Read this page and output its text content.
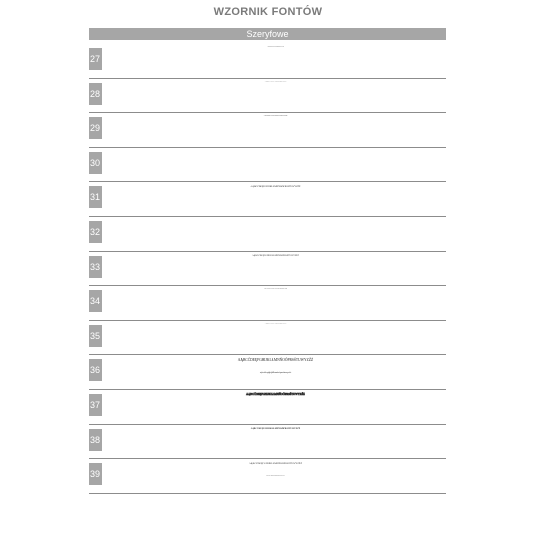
WZORNIK FONTÓW
Szeryfowe
27
28
29
AĄBCĆDEĘFGHIJKLŁMNŃOÓPRSŚTUWYZŹŻ
30
31
AĄBCĆDEĘFGHIJKLŁMNŃOÓPRSŚTUWYZŹŻ
32
33
AĄBCĆDEĘFGHIJKLŁMNŃOÓPRSŚTUWYZŹŻ
34
35
36
AĄBCĆDEĘFGHIJKLŁMNŃOÓPRSŚTUWYZŹŻ
aąbcćdeęfghijklłmnńoóprsśtuwyzźż
37
AĄBCĆDEĘFGHIJKLŁMNŃOÓPRSŚTUWYZŹŻ
38
AĄBCĆDEĘFGHIJKLŁMNŃOÓPRSŚTUWYZŹŻ
39
AĄBCĆDEĘFGHIJKLŁMNŃOÓPRSŚTUWYZŹŻ
aąbcćdeęfghijklłmnńoóprsśtuwyzźż
